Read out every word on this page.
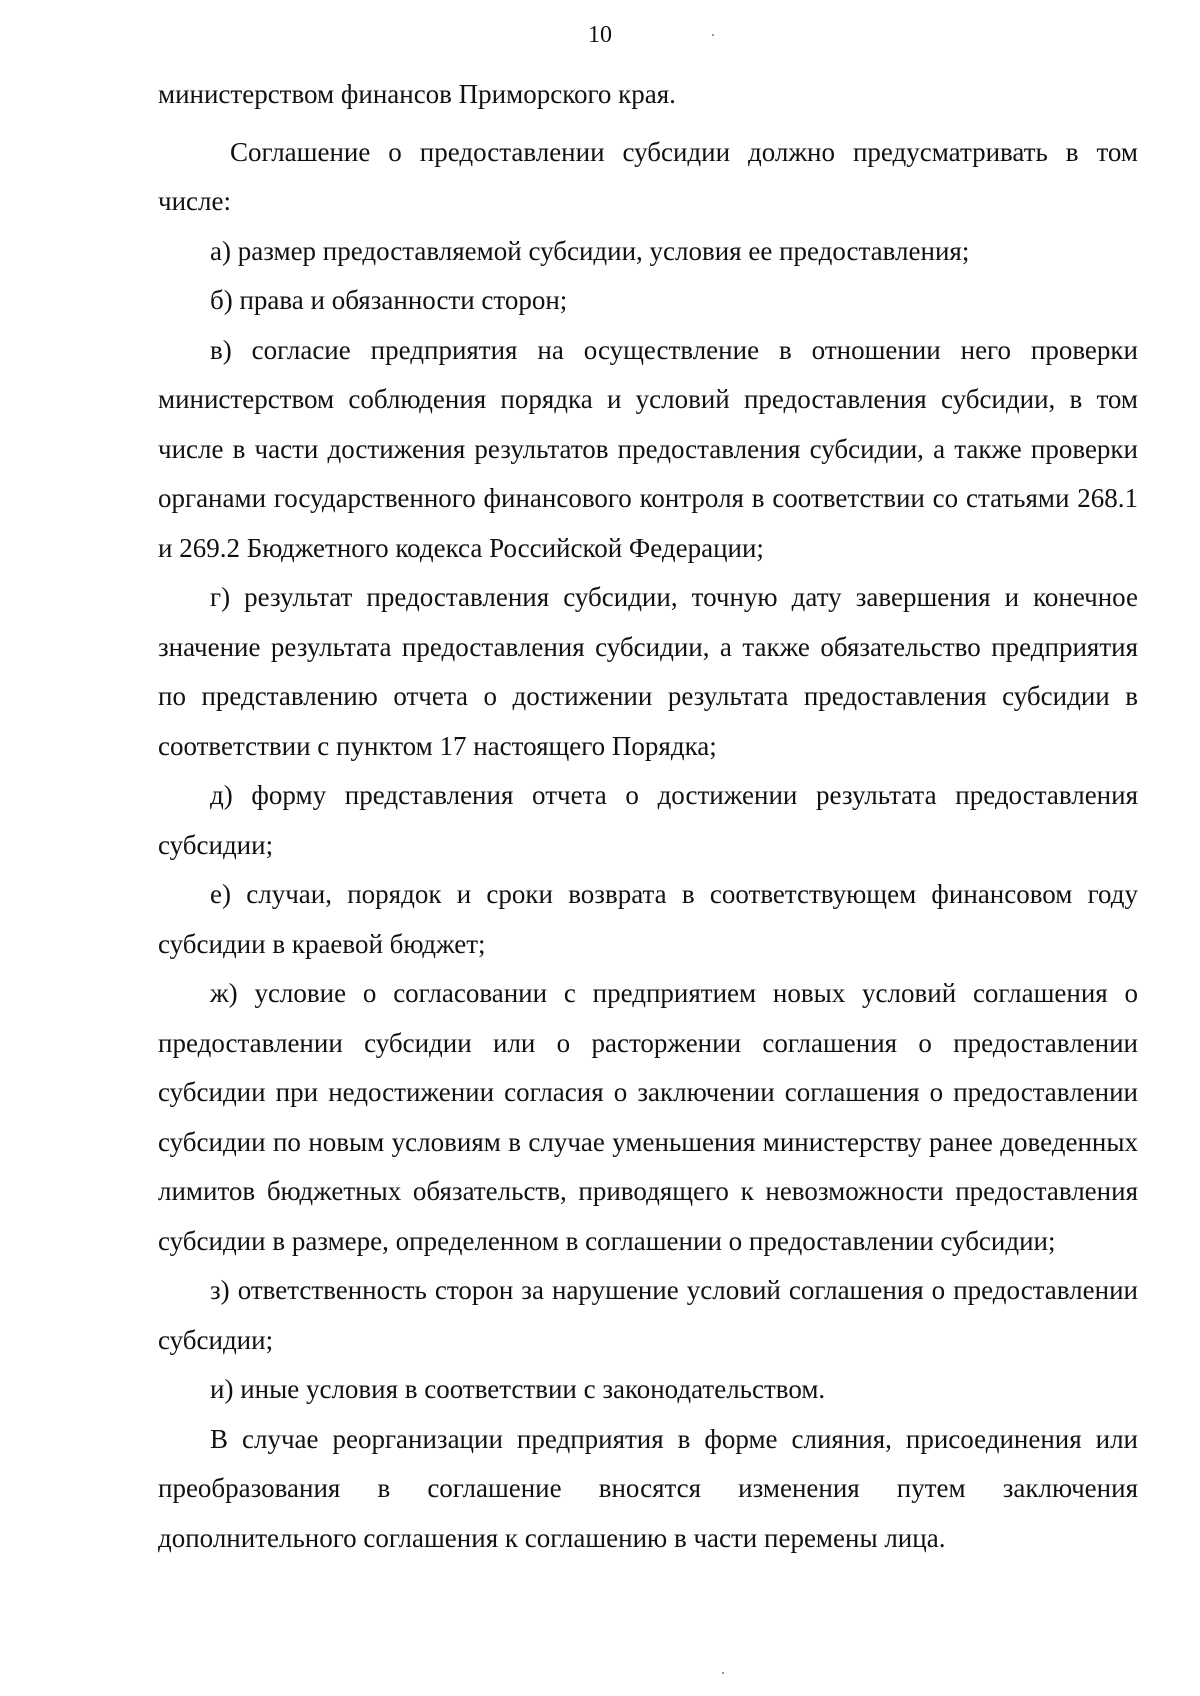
10

министерством финансов Приморского края.

Соглашение о предоставлении субсидии должно предусматривать в том числе:

а) размер предоставляемой субсидии, условия ее предоставления;

б) права и обязанности сторон;

в) согласие предприятия на осуществление в отношении него проверки министерством соблюдения порядка и условий предоставления субсидии, в том числе в части достижения результатов предоставления субсидии, а также проверки органами государственного финансового контроля в соответствии со статьями 268.1 и 269.2 Бюджетного кодекса Российской Федерации;

г) результат предоставления субсидии, точную дату завершения и конечное значение результата предоставления субсидии, а также обязательство предприятия по представлению отчета о достижении результата предоставления субсидии в соответствии с пунктом 17 настоящего Порядка;

д) форму представления отчета о достижении результата предоставления субсидии;

е) случаи, порядок и сроки возврата в соответствующем финансовом году субсидии в краевой бюджет;

ж) условие о согласовании с предприятием новых условий соглашения о предоставлении субсидии или о расторжении соглашения о предоставлении субсидии при недостижении согласия о заключении соглашения о предоставлении субсидии по новым условиям в случае уменьшения министерству ранее доведенных лимитов бюджетных обязательств, приводящего к невозможности предоставления субсидии в размере, определенном в соглашении о предоставлении субсидии;

з) ответственность сторон за нарушение условий соглашения о предоставлении субсидии;

и) иные условия в соответствии с законодательством.

В случае реорганизации предприятия в форме слияния, присоединения или преобразования в соглашение вносятся изменения путем заключения дополнительного соглашения к соглашению в части перемены лица.
